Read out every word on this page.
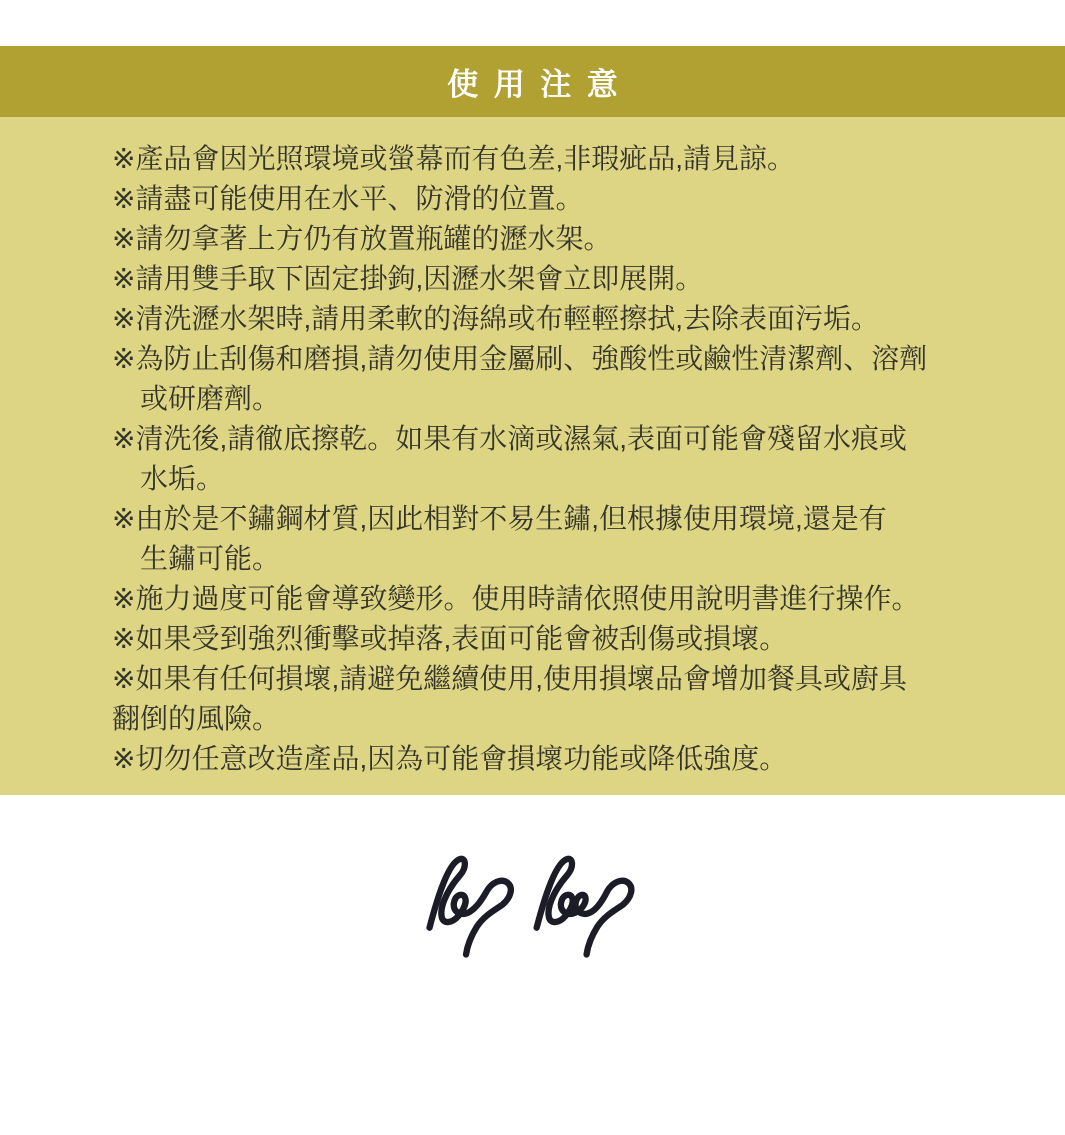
使用注意
※產品會因光照環境或螢幕而有色差,非瑕疵品,請見諒。
※請盡可能使用在水平、防滑的位置。
※請勿拿著上方仍有放置瓶罐的瀝水架。
※請用雙手取下固定掛鉤,因瀝水架會立即展開。
※清洗瀝水架時,請用柔軟的海綿或布輕輕擦拭,去除表面污垢。
※為防止刮傷和磨損,請勿使用金屬刷、強酸性或鹼性清潔劑、溶劑
或研磨劑。
※清洗後,請徹底擦乾。如果有水滴或濕氣,表面可能會殘留水痕或
水垢。
※由於是不鏽鋼材質,因此相對不易生鏽,但根據使用環境,還是有
生鏽可能。
※施力過度可能會導致變形。使用時請依照使用說明書進行操作。
※如果受到強烈衝擊或掉落,表面可能會被刮傷或損壞。
※如果有任何損壞,請避免繼續使用,使用損壞品會增加餐具或廚具
翻倒的風險。
※切勿任意改造產品,因為可能會損壞功能或降低強度。
